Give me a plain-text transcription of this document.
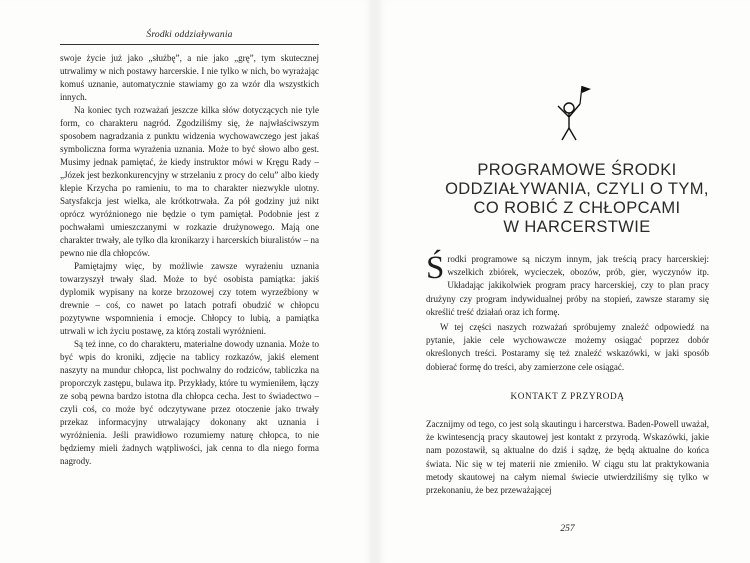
Środki oddziaływania

swoje życie już jako „służbę”, a nie jako „grę”, tym skutecznej utrwalimy w nich postawy harcerskie. I nie tylko w nich, bo wyrażając komuś uznanie, automatycznie stawiamy go za wzór dla wszystkich innych.

Na koniec tych rozważań jeszcze kilka słów dotyczących nie tyle form, co charakteru nagród. Zgodziliśmy się, że najwłaściwszym sposobem nagradzania z punktu widzenia wychowawczego jest jakaś symboliczna forma wyrażenia uznania. Może to być słowo albo gest. Musimy jednak pamiętać, że kiedy instruktor mówi w Kręgu Rady – „Józek jest bezkonkurencyjny w strzelaniu z procy do celu” albo kiedy klepie Krzycha po ramieniu, to ma to charakter niezwykle ulotny. Satysfakcja jest wielka, ale krótkotrwała. Za pół godziny już nikt oprócz wyróżnionego nie będzie o tym pamiętał. Podobnie jest z pochwałami umieszczanymi w rozkazie drużynowego. Mają one charakter trwały, ale tylko dla kronikarzy i harcerskich biuralistów – na pewno nie dla chłopców.

Pamiętajmy więc, by możliwie zawsze wyrażeniu uznania towarzyszył trwały ślad. Może to być osobista pamiątka: jakiś dyplomik wypisany na korze brzozowej czy totem wyrzeźbiony w drewnie – coś, co nawet po latach potrafi obudzić w chłopcu pozytywne wspomnienia i emocje. Chłopcy to lubią, a pamiątka utrwali w ich życiu postawę, za którą zostali wyróżnieni.

Są też inne, co do charakteru, materialne dowody uznania. Może to być wpis do kroniki, zdjęcie na tablicy rozkazów, jakiś element naszyty na mundur chłopca, list pochwalny do rodziców, tabliczka na proporczyk zastępu, bulawa itp. Przykłady, które tu wymieniłem, łączy ze sobą pewna bardzo istotna dla chłopca cecha. Jest to świadectwo – czyli coś, co może być odczytywane przez otoczenie jako trwały przekaz informacyjny utrwalający dokonany akt uznania i wyróżnienia. Jeśli prawidłowo rozumiemy naturę chłopca, to nie będziemy mieli żadnych wątpliwości, jak cenna to dla niego forma nagrody.

PROGRAMOWE ŚRODKI
ODDZIAŁYWANIA, CZYLI O TYM,
CO ROBIĆ Z CHŁOPCAMI
W HARCERSTWIE

Środki programowe są niczym innym, jak treścią pracy harcerskiej: wszelkich zbiórek, wycieczek, obozów, prób, gier, wyczynów itp. Układając jakikolwiek program pracy harcerskiej, czy to plan pracy drużyny czy program indywidualnej próby na stopień, zawsze staramy się określić treść działań oraz ich formę.

W tej części naszych rozważań spróbujemy znaleźć odpowiedź na pytanie, jakie cele wychowawcze możemy osiągać poprzez dobór określonych treści. Postaramy się też znaleźć wskazówki, w jaki sposób dobierać formę do treści, aby zamierzone cele osiągać.

KONTAKT Z PRZYRODĄ

Zacznijmy od tego, co jest solą skautingu i harcerstwa. Baden-Powell uważał, że kwintesencją pracy skautowej jest kontakt z przyrodą. Wskazówki, jakie nam pozostawił, są aktualne do dziś i sądzę, że będą aktualne do końca świata. Nic się w tej materii nie zmieniło. W ciągu stu lat praktykowania metody skautowej na całym niemal świecie utwierdziliśmy się tylko w przekonaniu, że bez przeważającej

257
